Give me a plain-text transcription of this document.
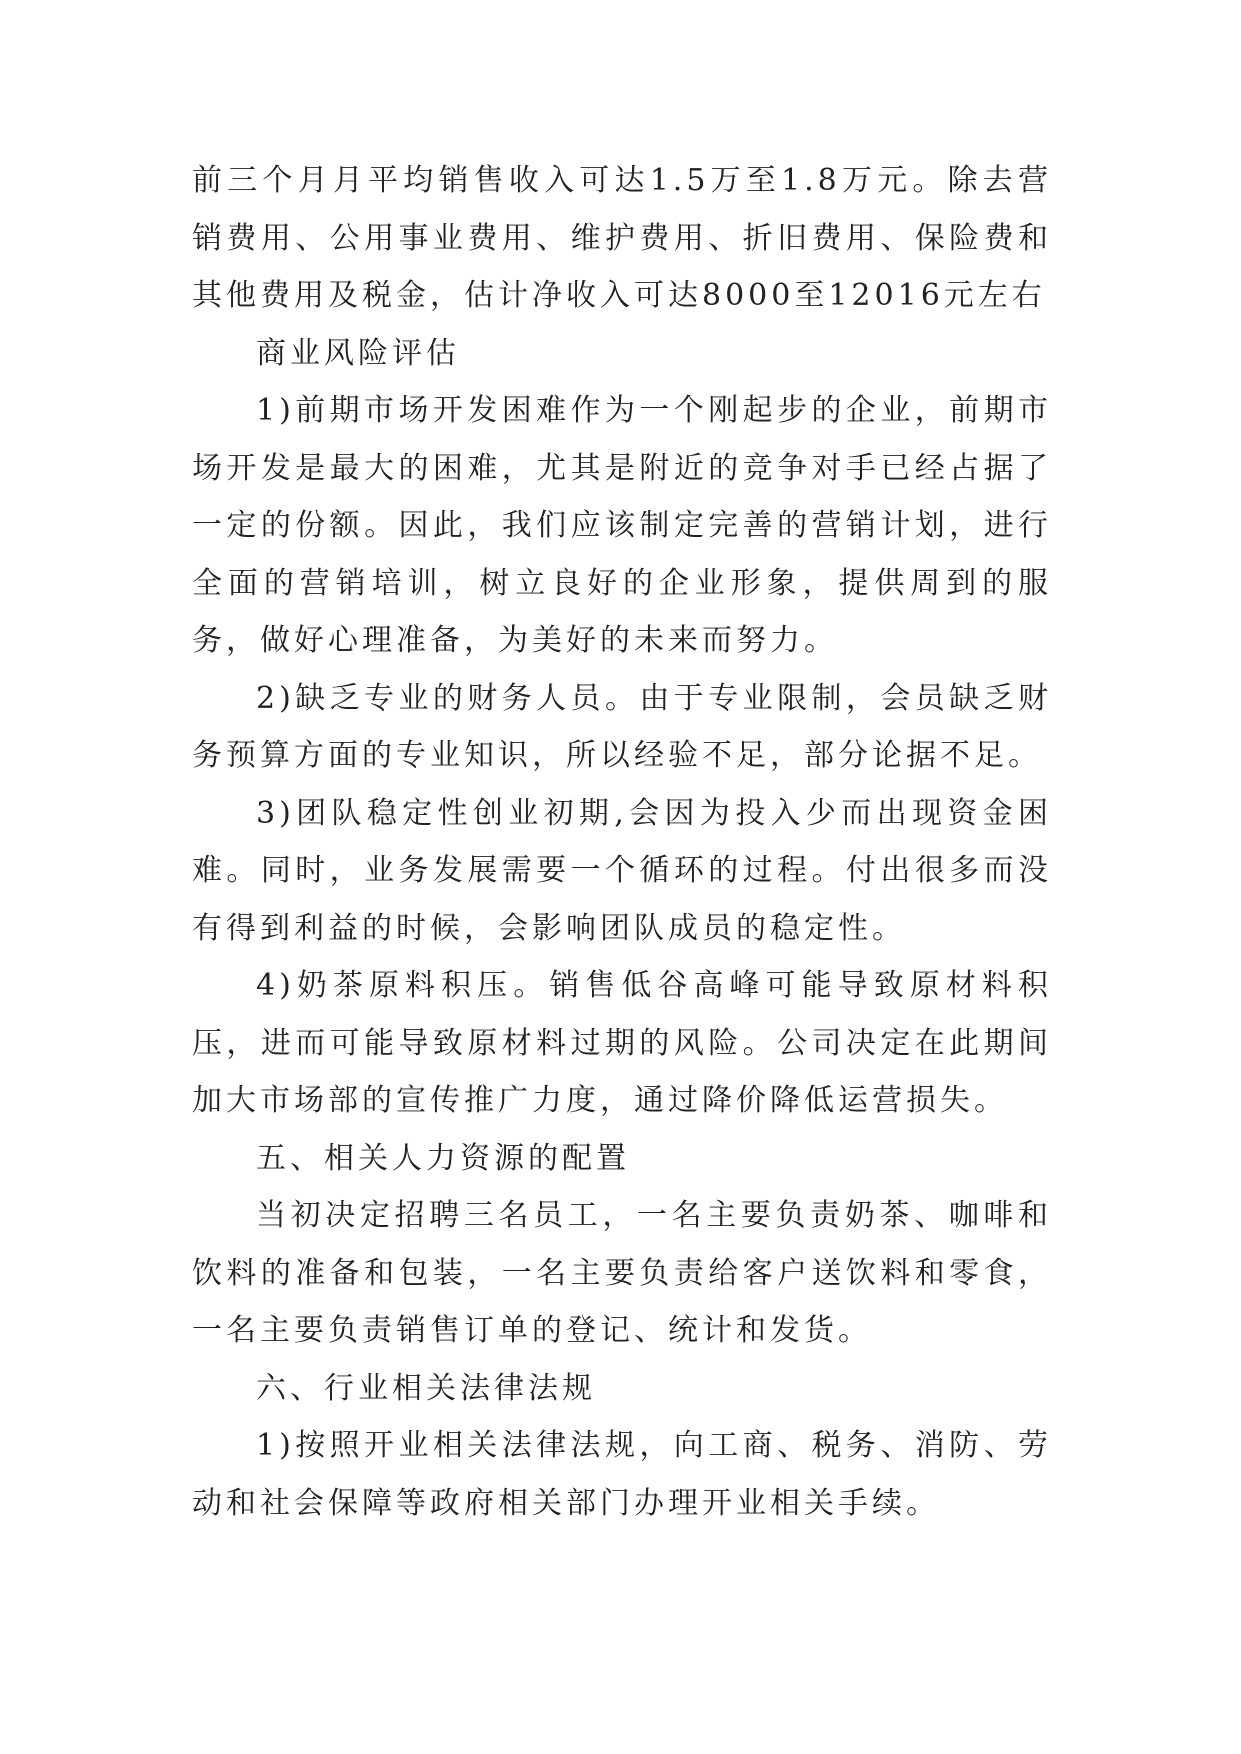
前三个月月平均销售收入可达1.5万至1.8万元。除去营销费用、公用事业费用、维护费用、折旧费用、保险费和其他费用及税金，估计净收入可达8000至12016元左右

商业风险评估

1)前期市场开发困难作为一个刚起步的企业，前期市场开发是最大的困难，尤其是附近的竞争对手已经占据了一定的份额。因此，我们应该制定完善的营销计划，进行全面的营销培训，树立良好的企业形象，提供周到的服务，做好心理准备，为美好的未来而努力。

2)缺乏专业的财务人员。由于专业限制，会员缺乏财务预算方面的专业知识，所以经验不足，部分论据不足。

3)团队稳定性创业初期,会因为投入少而出现资金困难。同时，业务发展需要一个循环的过程。付出很多而没有得到利益的时候，会影响团队成员的稳定性。

4)奶茶原料积压。销售低谷高峰可能导致原材料积压，进而可能导致原材料过期的风险。公司决定在此期间加大市场部的宣传推广力度，通过降价降低运营损失。

五、相关人力资源的配置

当初决定招聘三名员工，一名主要负责奶茶、咖啡和饮料的准备和包装，一名主要负责给客户送饮料和零食，一名主要负责销售订单的登记、统计和发货。

六、行业相关法律法规

1)按照开业相关法律法规，向工商、税务、消防、劳动和社会保障等政府相关部门办理开业相关手续。
